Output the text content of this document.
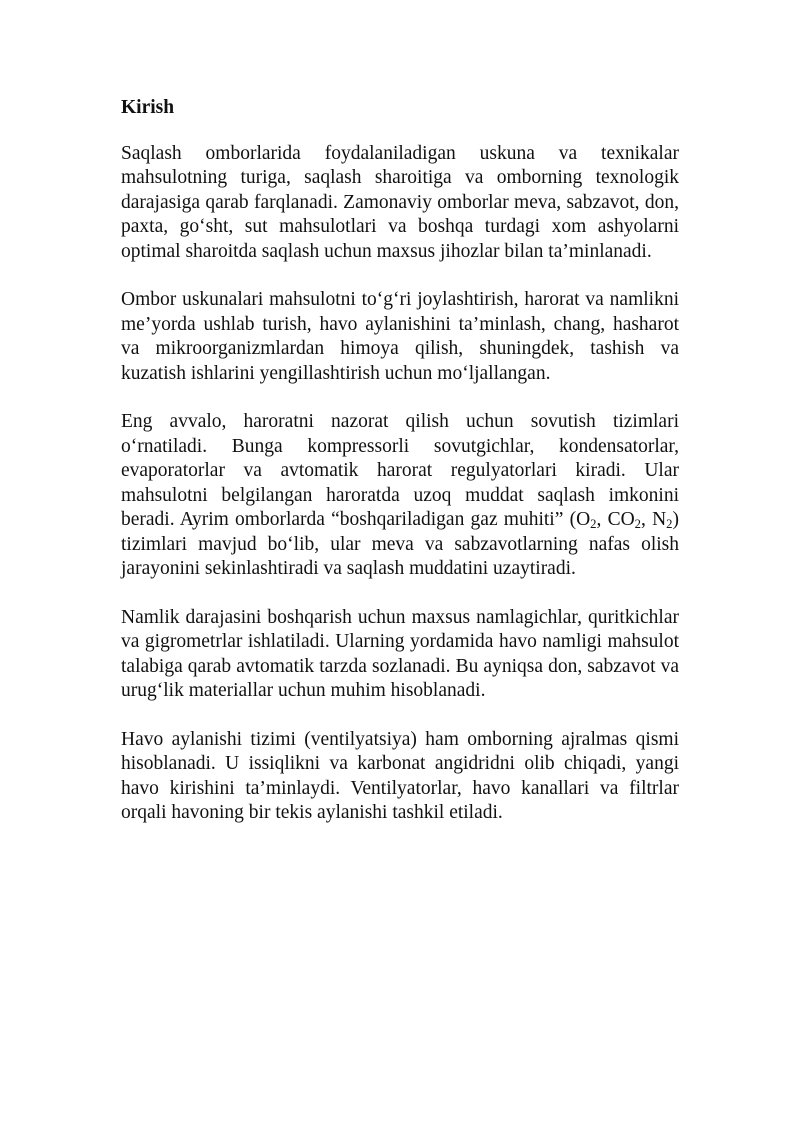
Kirish

Saqlash omborlarida foydalaniladigan uskuna va texnikalar mahsulotning turiga, saqlash sharoitiga va omborning texnologik darajasiga qarab farqlanadi. Zamonaviy omborlar meva, sabzavot, don, paxta, go‘sht, sut mahsulotlari va boshqa turdagi xom ashyolarni optimal sharoitda saqlash uchun maxsus jihozlar bilan ta’minlanadi.

Ombor uskunalari mahsulotni to‘g‘ri joylashtirish, harorat va namlikni me’yorda ushlab turish, havo aylanishini ta’minlash, chang, hasharot va mikroorganizmlardan himoya qilish, shuningdek, tashish va kuzatish ishlarini yengillashtirish uchun mo‘ljallangan.

Eng avvalo, haroratni nazorat qilish uchun sovutish tizimlari o‘rnatiladi. Bunga kompressorli sovutgichlar, kondensatorlar, evaporatorlar va avtomatik harorat regulyatorlari kiradi. Ular mahsulotni belgilangan haroratda uzoq muddat saqlash imkonini beradi. Ayrim omborlarda “boshqariladigan gaz muhiti” ($O_2$, $CO_2$, $N_2$) tizimlari mavjud bo‘lib, ular meva va sabzavotlarning nafas olish jarayonini sekinlashtiradi va saqlash muddatini uzaytiradi.

Namlik darajasini boshqarish uchun maxsus namlagichlar, quritkichlar va gigrometrlar ishlatiladi. Ularning yordamida havo namligi mahsulot talabiga qarab avtomatik tarzda sozlanadi. Bu ayniqsa don, sabzavot va urug‘lik materiallar uchun muhim hisoblanadi.

Havo aylanishi tizimi (ventilyatsiya) ham omborning ajralmas qismi hisoblanadi. U issiqlikni va karbonat angidridni olib chiqadi, yangi havo kirishini ta’minlaydi. Ventilyatorlar, havo kanallari va filtrlar orqali havoning bir tekis aylanishi tashkil etiladi.
